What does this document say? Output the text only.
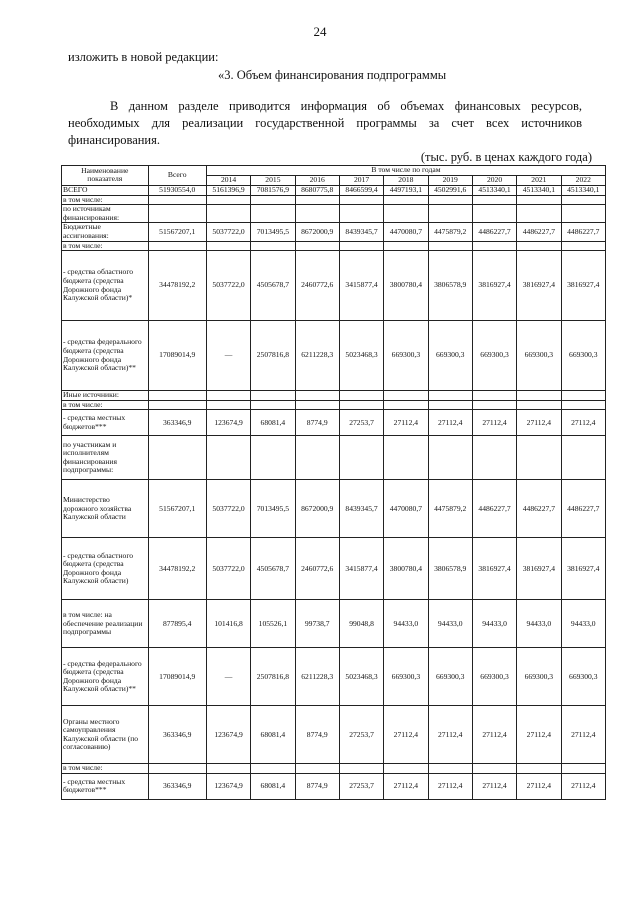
24
изложить в новой редакции:
«3. Объем финансирования подпрограммы

В данном разделе приводится информация об объемах финансовых ресурсов, необходимых для реализации государственной программы за счет всех источников финансирования.

(тыс. руб. в ценах каждого года)
Наименование показателя	Всего	В том числе по годам								
		2014	2015	2016	2017	2018	2019	2020	2021	2022
ВСЕГО	51930554,0	5161396,9	7081576,9	8680775,8	8466599,4	4497193,1	4502991,6	4513340,1	4513340,1	4513340,1
в том числе:										
по источникам финансирования:										
Бюджетные ассигнования:	51567207,1	5037722,0	7013495,5	8672000,9	8439345,7	4470080,7	4475879,2	4486227,7	4486227,7	4486227,7
в том числе:										
- средства областного бюджета (средства Дорожного фонда Калужской области)*	34478192,2	5037722,0	4505678,7	2460772,6	3415877,4	3800780,4	3806578,9	3816927,4	3816927,4	3816927,4
- средства федерального бюджета (средства Дорожного фонда Калужской области)**	17089014,9	—	2507816,8	6211228,3	5023468,3	669300,3	669300,3	669300,3	669300,3	669300,3
Иные источники:										
в том числе:										
- средства местных бюджетов***	363346,9	123674,9	68081,4	8774,9	27253,7	27112,4	27112,4	27112,4	27112,4	27112,4
по участникам и исполнителям финансирования подпрограммы:										
Министерство дорожного хозяйства Калужской области	51567207,1	5037722,0	7013495,5	8672000,9	8439345,7	4470080,7	4475879,2	4486227,7	4486227,7	4486227,7
- средства областного бюджета (средства Дорожного фонда Калужской области)	34478192,2	5037722,0	4505678,7	2460772,6	3415877,4	3800780,4	3806578,9	3816927,4	3816927,4	3816927,4
в том числе: на обеспечение реализации подпрограммы	877895,4	101416,8	105526,1	99738,7	99048,8	94433,0	94433,0	94433,0	94433,0	94433,0
- средства федерального бюджета (средства Дорожного фонда Калужской области)**	17089014,9	—	2507816,8	6211228,3	5023468,3	669300,3	669300,3	669300,3	669300,3	669300,3
Органы местного самоуправления Калужской области (по согласованию)	363346,9	123674,9	68081,4	8774,9	27253,7	27112,4	27112,4	27112,4	27112,4	27112,4
в том числе:										
- средства местных бюджетов***	363346,9	123674,9	68081,4	8774,9	27253,7	27112,4	27112,4	27112,4	27112,4	27112,4
